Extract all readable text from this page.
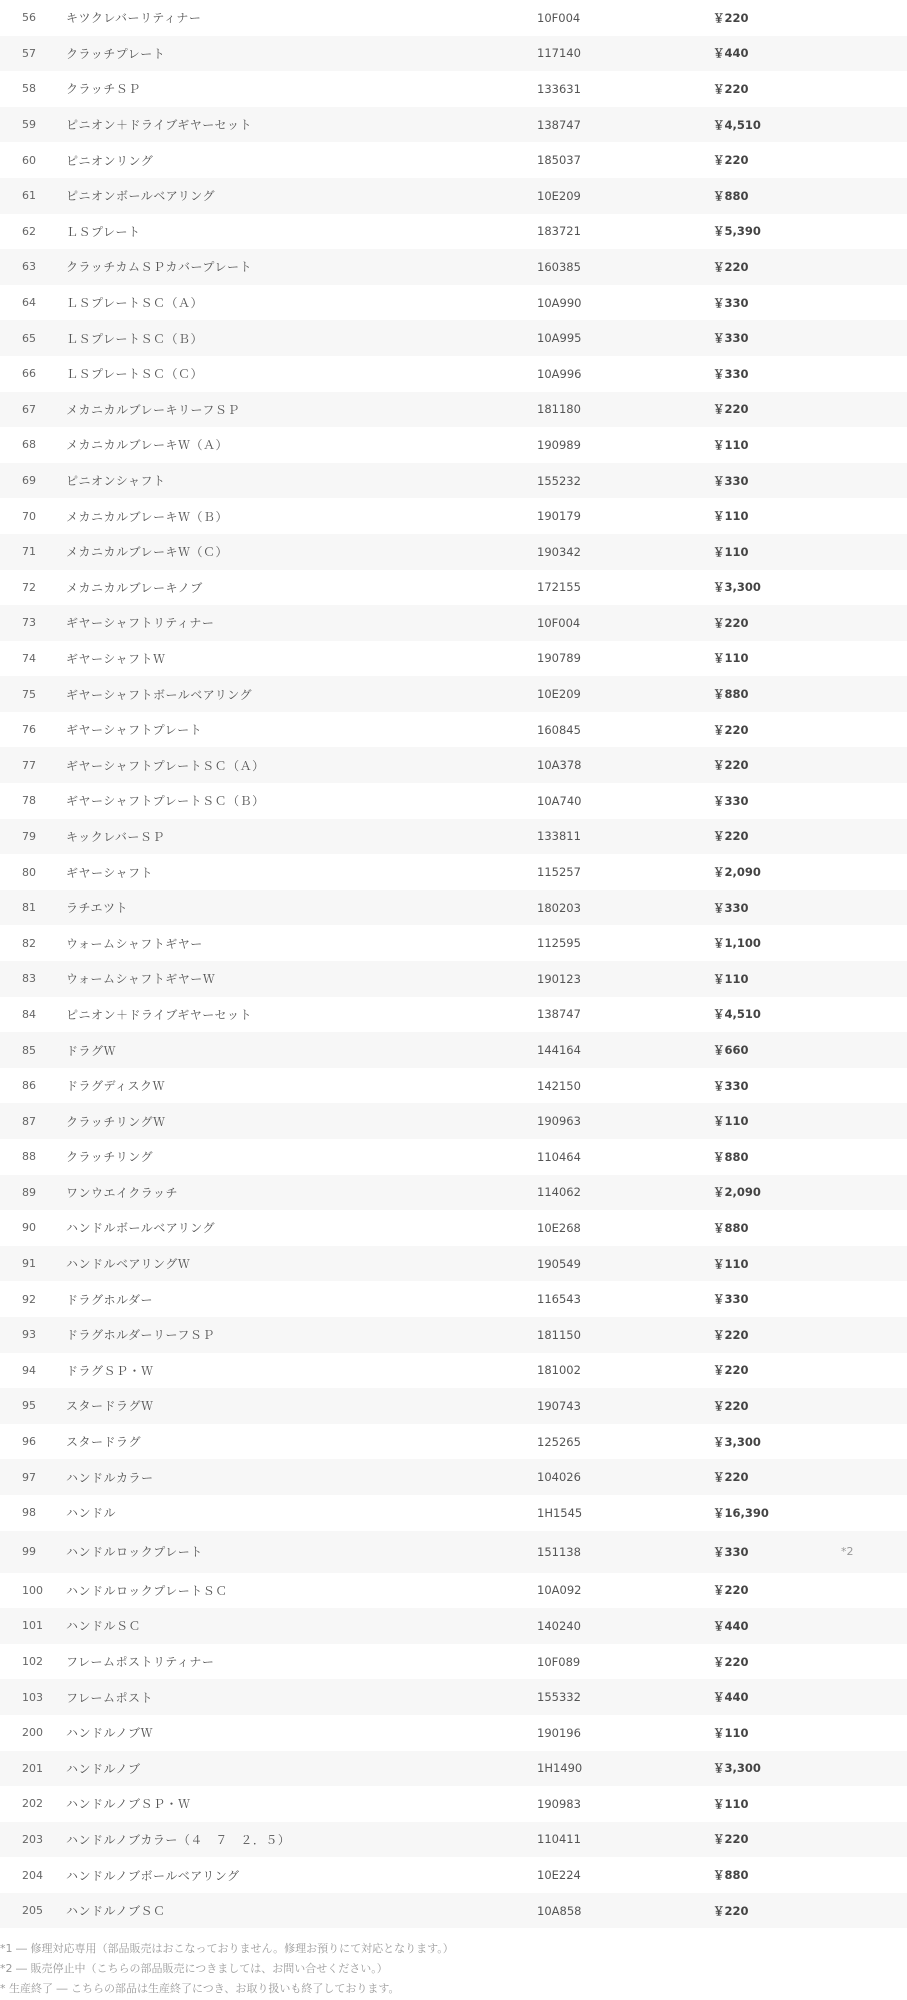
56	キツクレバーリティナー	10F004	￥220	
57	クラッチプレート	117140	￥440	
58	クラッチＳＰ	133631	￥220	
59	ピニオン＋ドライブギヤーセット	138747	￥4,510	
60	ピニオンリング	185037	￥220	
61	ピニオンボールベアリング	10E209	￥880	
62	ＬＳプレート	183721	￥5,390	
63	クラッチカムＳＰカバープレート	160385	￥220	
64	ＬＳプレートＳＣ（Ａ）	10A990	￥330	
65	ＬＳプレートＳＣ（Ｂ）	10A995	￥330	
66	ＬＳプレートＳＣ（Ｃ）	10A996	￥330	
67	メカニカルブレーキリーフＳＰ	181180	￥220	
68	メカニカルブレーキＷ（Ａ）	190989	￥110	
69	ピニオンシャフト	155232	￥330	
70	メカニカルブレーキＷ（Ｂ）	190179	￥110	
71	メカニカルブレーキＷ（Ｃ）	190342	￥110	
72	メカニカルブレーキノブ	172155	￥3,300	
73	ギヤーシャフトリティナー	10F004	￥220	
74	ギヤーシャフトＷ	190789	￥110	
75	ギヤーシャフトボールベアリング	10E209	￥880	
76	ギヤーシャフトプレート	160845	￥220	
77	ギヤーシャフトプレートＳＣ（Ａ）	10A378	￥220	
78	ギヤーシャフトプレートＳＣ（Ｂ）	10A740	￥330	
79	キックレバーＳＰ	133811	￥220	
80	ギヤーシャフト	115257	￥2,090	
81	ラチエツト	180203	￥330	
82	ウォームシャフトギヤー	112595	￥1,100	
83	ウォームシャフトギヤーＷ	190123	￥110	
84	ピニオン＋ドライブギヤーセット	138747	￥4,510	
85	ドラグＷ	144164	￥660	
86	ドラグディスクＷ	142150	￥330	
87	クラッチリングＷ	190963	￥110	
88	クラッチリング	110464	￥880	
89	ワンウエイクラッチ	114062	￥2,090	
90	ハンドルボールベアリング	10E268	￥880	
91	ハンドルベアリングＷ	190549	￥110	
92	ドラグホルダー	116543	￥330	
93	ドラグホルダーリーフＳＰ	181150	￥220	
94	ドラグＳＰ・Ｗ	181002	￥220	
95	スタードラグＷ	190743	￥220	
96	スタードラグ	125265	￥3,300	
97	ハンドルカラー	104026	￥220	
98	ハンドル	1H1545	￥16,390	
99	ハンドルロックプレート	151138	￥330	*2
100	ハンドルロックプレートＳＣ	10A092	￥220	
101	ハンドルＳＣ	140240	￥440	
102	フレームポストリティナー	10F089	￥220	
103	フレームポスト	155332	￥440	
200	ハンドルノブＷ	190196	￥110	
201	ハンドルノブ	1H1490	￥3,300	
202	ハンドルノブＳＰ・Ｗ	190983	￥110	
203	ハンドルノブカラー（４　７　２．５）	110411	￥220	
204	ハンドルノブボールベアリング	10E224	￥880	
205	ハンドルノブＳＣ	10A858	￥220	
*1 ― 修理対応専用（部品販売はおこなっておりません。修理お預りにて対応となります。）
*2 ― 販売停止中（こちらの部品販売につきましては、お問い合せください。）
* 生産終了 ― こちらの部品は生産終了につき、お取り扱いも終了しております。
